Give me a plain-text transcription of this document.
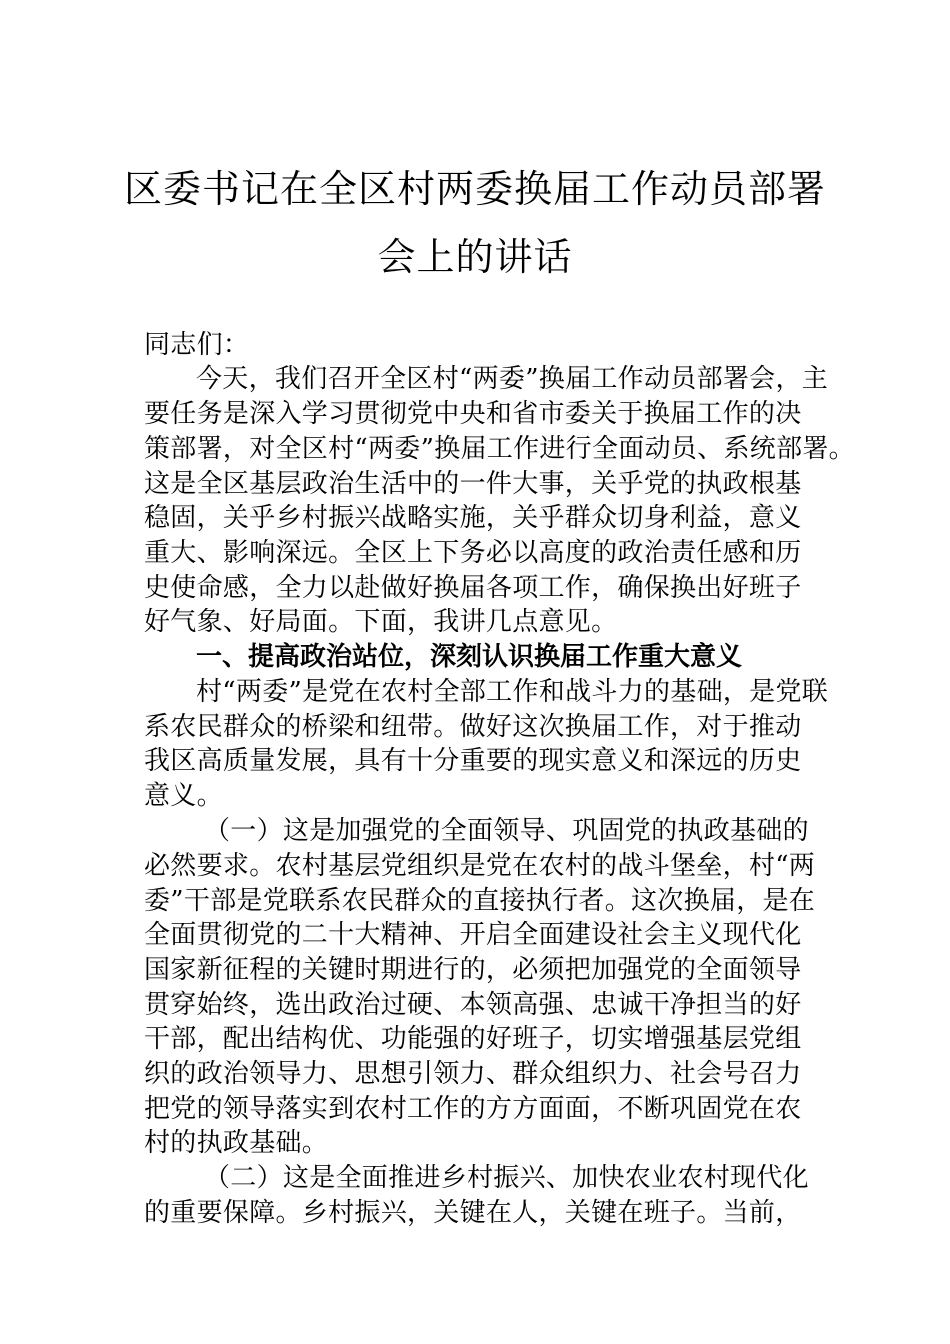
区委书记在全区村两委换届工作动员部署
会上的讲话
同志们：
今天，我们召开全区村“两委”换届工作动员部署会，主
要任务是深入学习贯彻党中央和省市委关于换届工作的决
策部署，对全区村“两委”换届工作进行全面动员、系统部署。
这是全区基层政治生活中的一件大事，关乎党的执政根基
稳固，关乎乡村振兴战略实施，关乎群众切身利益，意义
重大、影响深远。全区上下务必以高度的政治责任感和历
史使命感，全力以赴做好换届各项工作，确保换出好班子
好气象、好局面。下面，我讲几点意见。
一、提高政治站位，深刻认识换届工作重大意义
村“两委”是党在农村全部工作和战斗力的基础，是党联
系农民群众的桥梁和纽带。做好这次换届工作，对于推动
我区高质量发展，具有十分重要的现实意义和深远的历史
意义。
（一）这是加强党的全面领导、巩固党的执政基础的
必然要求。农村基层党组织是党在农村的战斗堡垒，村“两
委”干部是党联系农民群众的直接执行者。这次换届，是在
全面贯彻党的二十大精神、开启全面建设社会主义现代化
国家新征程的关键时期进行的，必须把加强党的全面领导
贯穿始终，选出政治过硬、本领高强、忠诚干净担当的好
干部，配出结构优、功能强的好班子，切实增强基层党组
织的政治领导力、思想引领力、群众组织力、社会号召力
把党的领导落实到农村工作的方方面面，不断巩固党在农
村的执政基础。
（二）这是全面推进乡村振兴、加快农业农村现代化
的重要保障。乡村振兴，关键在人，关键在班子。当前，
